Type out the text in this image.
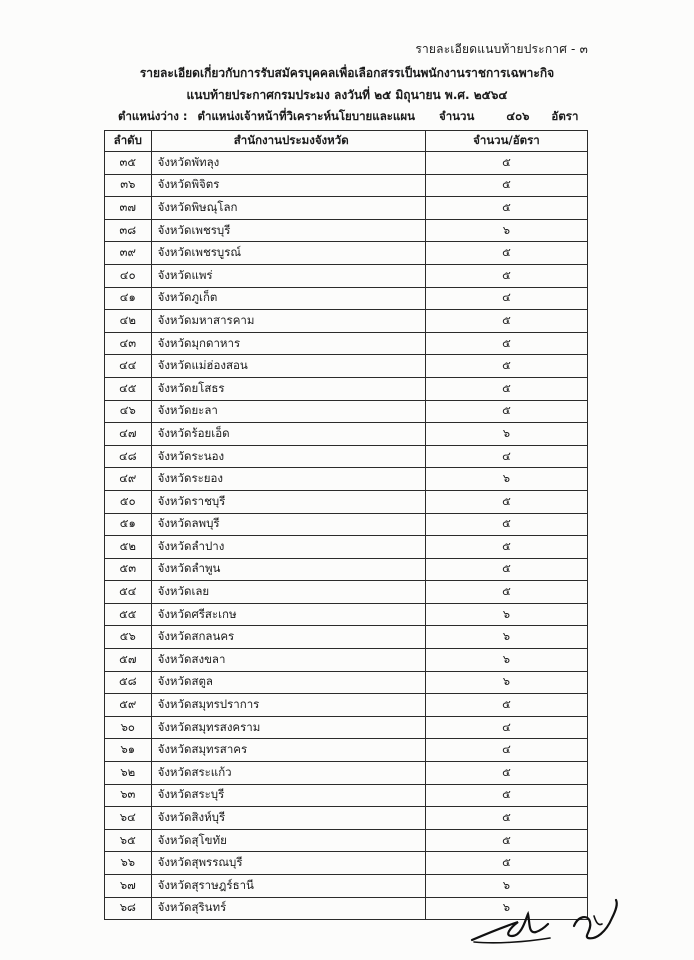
รายละเอียดแนบท้ายประกาศ - ๓
รายละเอียดเกี่ยวกับการรับสมัครบุคคลเพื่อเลือกสรรเป็นพนักงานราชการเฉพาะกิจ
แนบท้ายประกาศกรมประมง ลงวันที่ ๒๕ มิถุนายน พ.ศ. ๒๕๖๔
ตำแหน่งว่าง : ตำแหน่งเจ้าหน้าที่วิเคราะห์นโยบายและแผน จำนวน	๔๐๖ อัตรา
ลำดับ	สำนักงานประมงจังหวัด	จำนวน/อัตรา
๓๕	จังหวัดพัทลุง	๕
๓๖	จังหวัดพิจิตร	๕
๓๗	จังหวัดพิษณุโลก	๕
๓๘	จังหวัดเพชรบุรี	๖
๓๙	จังหวัดเพชรบูรณ์	๕
๔๐	จังหวัดแพร่	๕
๔๑	จังหวัดภูเก็ต	๔
๔๒	จังหวัดมหาสารคาม	๕
๔๓	จังหวัดมุกดาหาร	๕
๔๔	จังหวัดแม่ฮ่องสอน	๕
๔๕	จังหวัดยโสธร	๕
๔๖	จังหวัดยะลา	๕
๔๗	จังหวัดร้อยเอ็ด	๖
๔๘	จังหวัดระนอง	๔
๔๙	จังหวัดระยอง	๖
๕๐	จังหวัดราชบุรี	๕
๕๑	จังหวัดลพบุรี	๕
๕๒	จังหวัดลำปาง	๕
๕๓	จังหวัดลำพูน	๕
๕๔	จังหวัดเลย	๕
๕๕	จังหวัดศรีสะเกษ	๖
๕๖	จังหวัดสกลนคร	๖
๕๗	จังหวัดสงขลา	๖
๕๘	จังหวัดสตูล	๖
๕๙	จังหวัดสมุทรปราการ	๕
๖๐	จังหวัดสมุทรสงคราม	๔
๖๑	จังหวัดสมุทรสาคร	๔
๖๒	จังหวัดสระแก้ว	๕
๖๓	จังหวัดสระบุรี	๕
๖๔	จังหวัดสิงห์บุรี	๕
๖๕	จังหวัดสุโขทัย	๕
๖๖	จังหวัดสุพรรณบุรี	๕
๖๗	จังหวัดสุราษฎร์ธานี	๖
๖๘	จังหวัดสุรินทร์	๖
